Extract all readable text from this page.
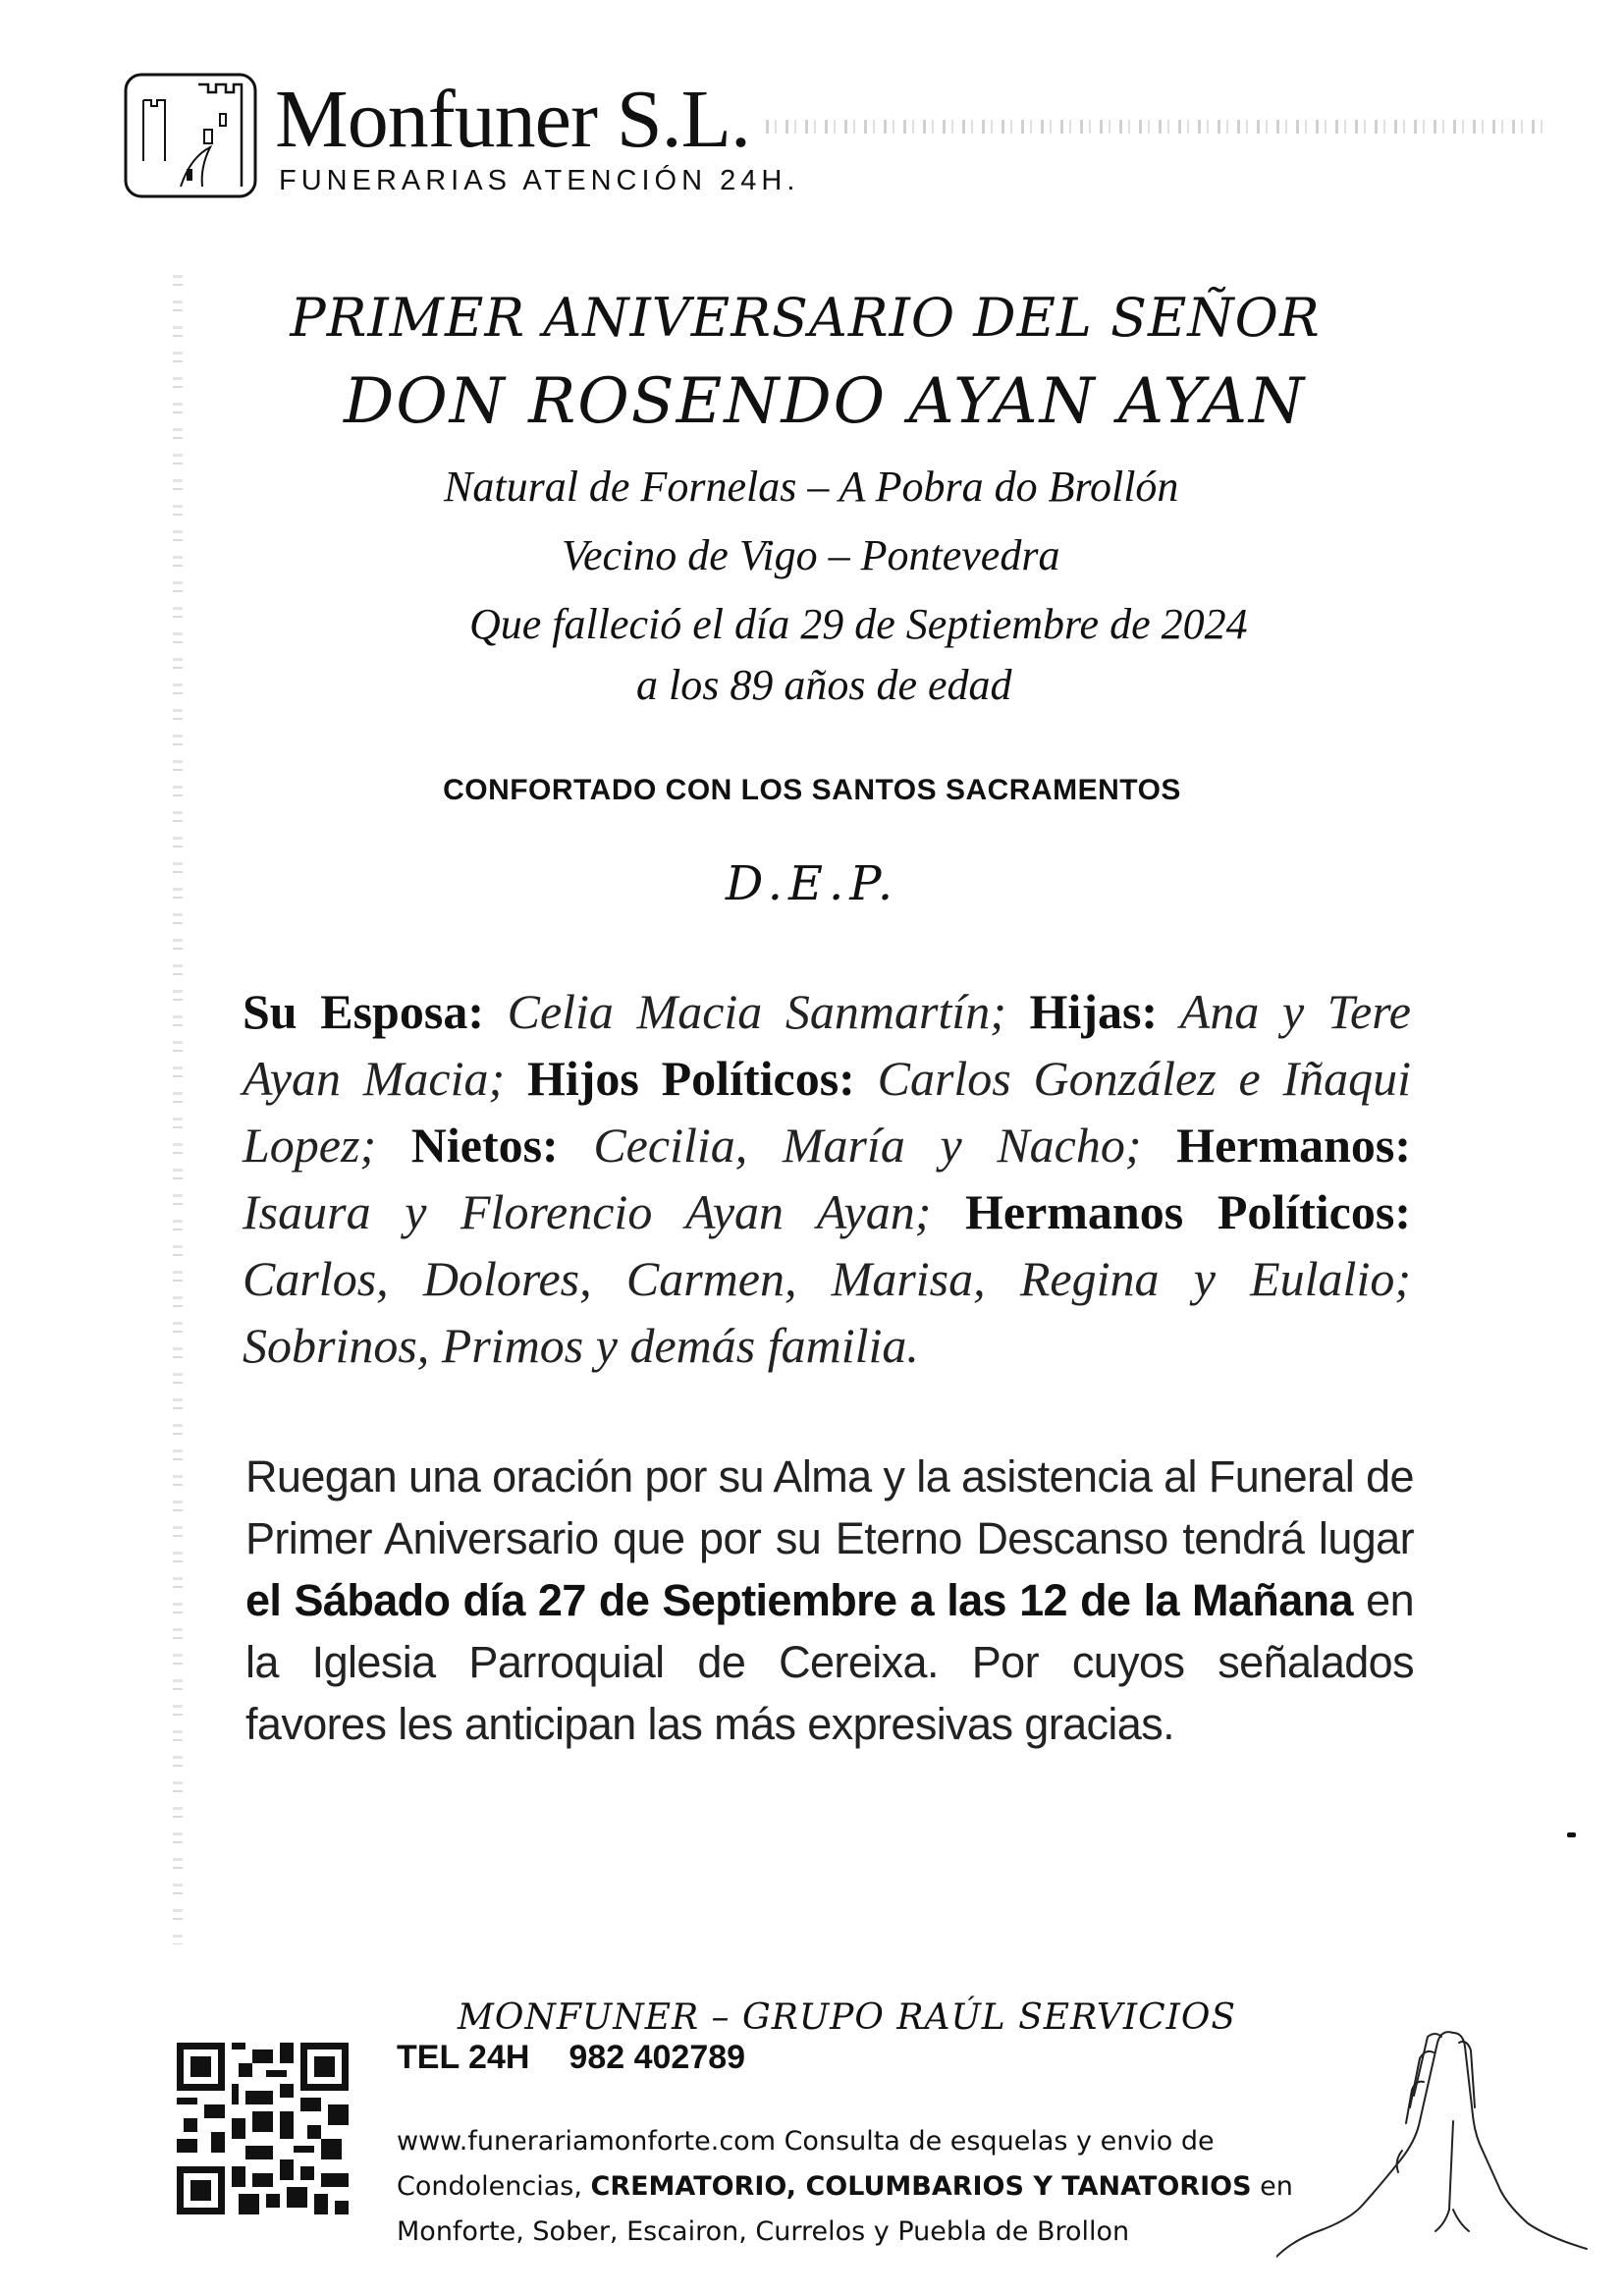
Monfuner S.L.
FUNERARIAS ATENCIÓN 24H.
PRIMER ANIVERSARIO DEL SEÑOR
DON ROSENDO AYAN AYAN
Natural de Fornelas – A Pobra do Brollón
Vecino de Vigo – Pontevedra
Que falleció el día 29 de Septiembre de 2024
a los 89 años de edad
CONFORTADO CON LOS SANTOS SACRAMENTOS
D.E.P.
Su Esposa: Celia Macia Sanmartín; Hijas: Ana y Tere Ayan Macia; Hijos Políticos: Carlos González e Iñaqui Lopez; Nietos: Cecilia, María y Nacho; Hermanos: Isaura y Florencio Ayan Ayan; Hermanos Políticos: Carlos, Dolores, Carmen, Marisa, Regina y Eulalio; Sobrinos, Primos y demás familia.
Ruegan una oración por su Alma y la asistencia al Funeral de Primer Aniversario que por su Eterno Descanso tendrá lugar el Sábado día 27 de Septiembre a las 12 de la Mañana en la Iglesia Parroquial de Cereixa. Por cuyos señalados favores les anticipan las más expresivas gracias.
MONFUNER – GRUPO RAÚL SERVICIOS
TEL 24H 982 402789
www.funerariamonforte.com Consulta de esquelas y envio de Condolencias, CREMATORIO, COLUMBARIOS Y TANATORIOS en Monforte, Sober, Escairon, Currelos y Puebla de Brollon
